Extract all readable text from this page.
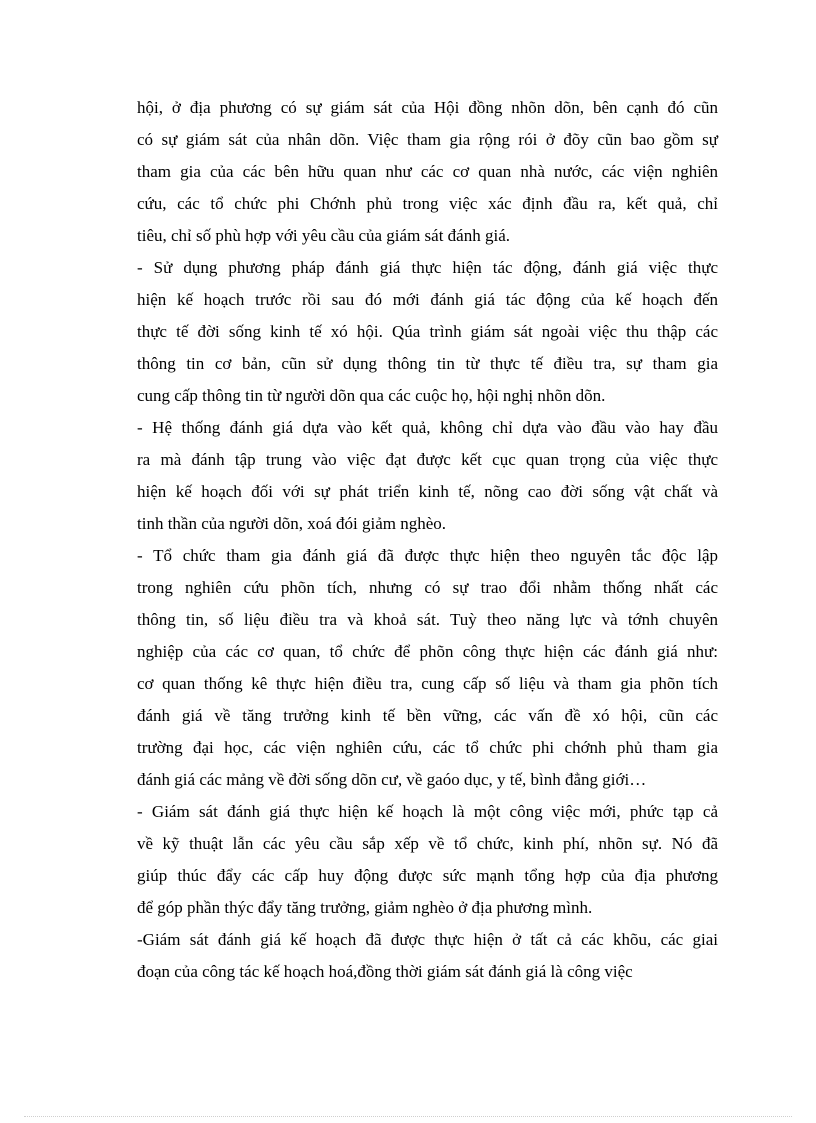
hội, ở địa phương có sự giám sát của Hội đồng nhõn dõn, bên cạnh đó cũn
có sự giám sát của nhân dõn. Việc tham gia rộng rói ở đõy cũn bao gồm sự
tham gia của các bên hữu quan như các cơ quan nhà nước, các viện nghiên
cứu, các tổ chức phi Chớnh phủ trong việc xác định đầu ra, kết quả, chỉ
tiêu, chỉ số phù hợp với yêu cầu của giám sát đánh giá.
- Sử dụng phương pháp đánh giá thực hiện tác động, đánh giá việc thực
hiện kế hoạch trước rồi sau đó mới đánh giá tác động của kế hoạch đến
thực tế đời sống kinh tế xó hội. Qúa trình giám sát ngoài việc thu thập các
thông tin cơ bản, cũn sử dụng thông tin từ thực tế điều tra, sự tham gia
cung cấp thông tin từ người dõn qua các cuộc họ, hội nghị nhõn dõn.
- Hệ thống đánh giá dựa vào kết quả, không chỉ dựa vào đầu vào hay đầu
ra mà đánh tập trung vào việc đạt được kết cục quan trọng của việc thực
hiện kế hoạch đối với sự phát triển kinh tế, nõng cao đời sống vật chất và
tinh thần của người dõn, xoá đói giảm nghèo.
- Tổ chức tham gia đánh giá đã được thực hiện theo nguyên tắc độc lập
trong nghiên cứu phõn tích, nhưng có sự trao đổi nhằm thống nhất các
thông tin, số liệu điều tra và khoả sát. Tuỳ theo năng lực và tớnh chuyên
nghiệp của các cơ quan, tổ chức để phõn công thực hiện các đánh giá như:
cơ quan thống kê thực hiện điều tra, cung cấp số liệu và tham gia phõn tích
đánh giá về tăng trưởng kinh tế bền vững, các vấn đề xó hội, cũn các
trường đại học, các viện nghiên cứu, các tổ chức phi chớnh phủ tham gia
đánh giá các mảng về đời sống dõn cư, về gaóo dục, y tế, bình đẳng giới…
- Giám sát đánh giá thực hiện kế hoạch là một công việc mới, phức tạp cả
về kỹ thuật lẫn các yêu cầu sắp xếp về tổ chức, kinh phí, nhõn sự. Nó đã
giúp thúc đẩy các cấp huy động được sức mạnh tổng hợp của địa phương
để góp phần thýc đẩy tăng trưởng, giảm nghèo ở địa phương mình.
-Giám sát đánh giá kế hoạch đã được thực hiện ở tất cả các khõu, các giai
đoạn của công tác kế hoạch hoá,đồng thời giám sát đánh giá là công việc
